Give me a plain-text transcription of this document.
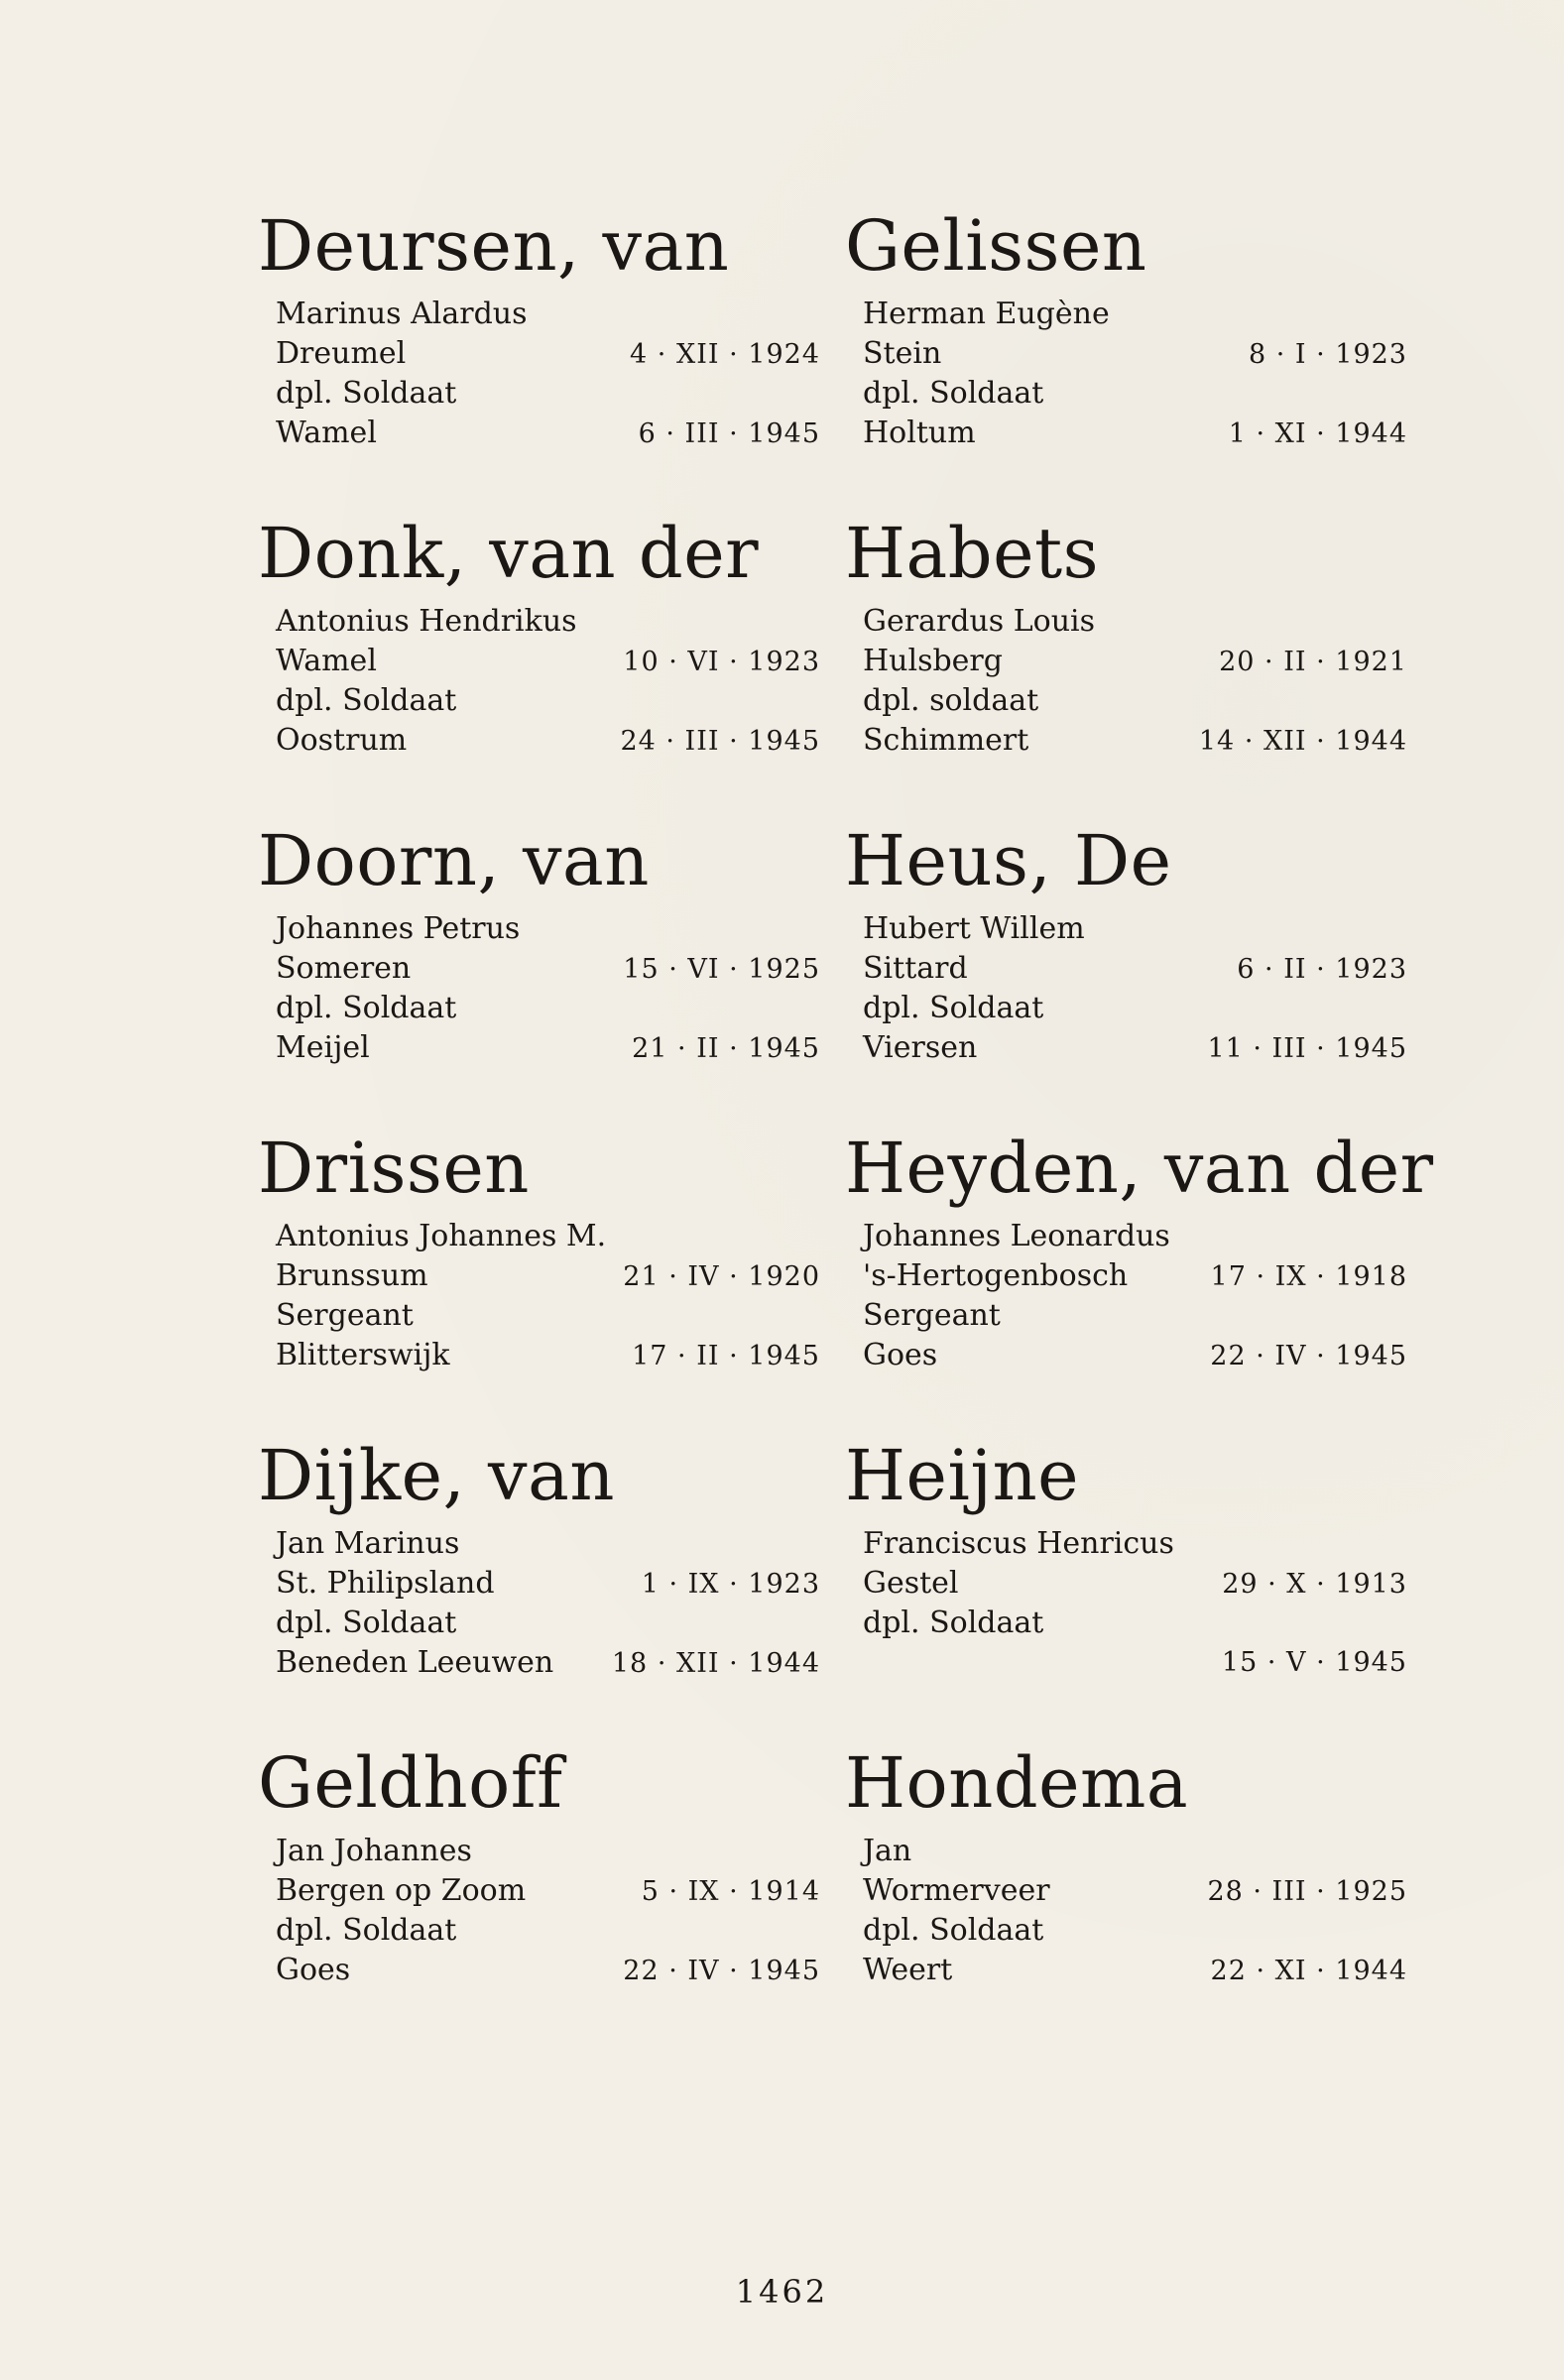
Deursen, van
Marinus Alardus
Dreumel	4 · XII · 1924
dpl. Soldaat
Wamel	6 · III · 1945
Donk, van der
Antonius Hendrikus
Wamel	10 · VI · 1923
dpl. Soldaat
Oostrum	24 · III · 1945
Doorn, van
Johannes Petrus
Someren	15 · VI · 1925
dpl. Soldaat
Meijel	21 · II · 1945
Drissen
Antonius Johannes M.
Brunssum	21 · IV · 1920
Sergeant
Blitterswijk	17 · II · 1945
Dijke, van
Jan Marinus
St. Philipsland	1 · IX · 1923
dpl. Soldaat
Beneden Leeuwen 18 · XII · 1944
Geldhoff
Jan Johannes
Bergen op Zoom	5 · IX · 1914
dpl. Soldaat
Goes	22 · IV · 1945
Gelissen
Herman Eugène
Stein	8 · I · 1923
dpl. Soldaat
Holtum	1 · XI · 1944
Habets
Gerardus Louis
Hulsberg	20 · II · 1921
dpl. soldaat
Schimmert	14 · XII · 1944
Heus, De
Hubert Willem
Sittard	6 · II · 1923
dpl. Soldaat
Viersen	11 · III · 1945
Heyden, van der
Johannes Leonardus
's-Hertogenbosch	17 · IX · 1918
Sergeant
Goes	22 · IV · 1945
Heijne
Franciscus Henricus
Gestel	29 · X · 1913
dpl. Soldaat
15 · V · 1945
Hondema
Jan
Wormerveer	28 · III · 1925
dpl. Soldaat
Weert	22 · XI · 1944
1462
